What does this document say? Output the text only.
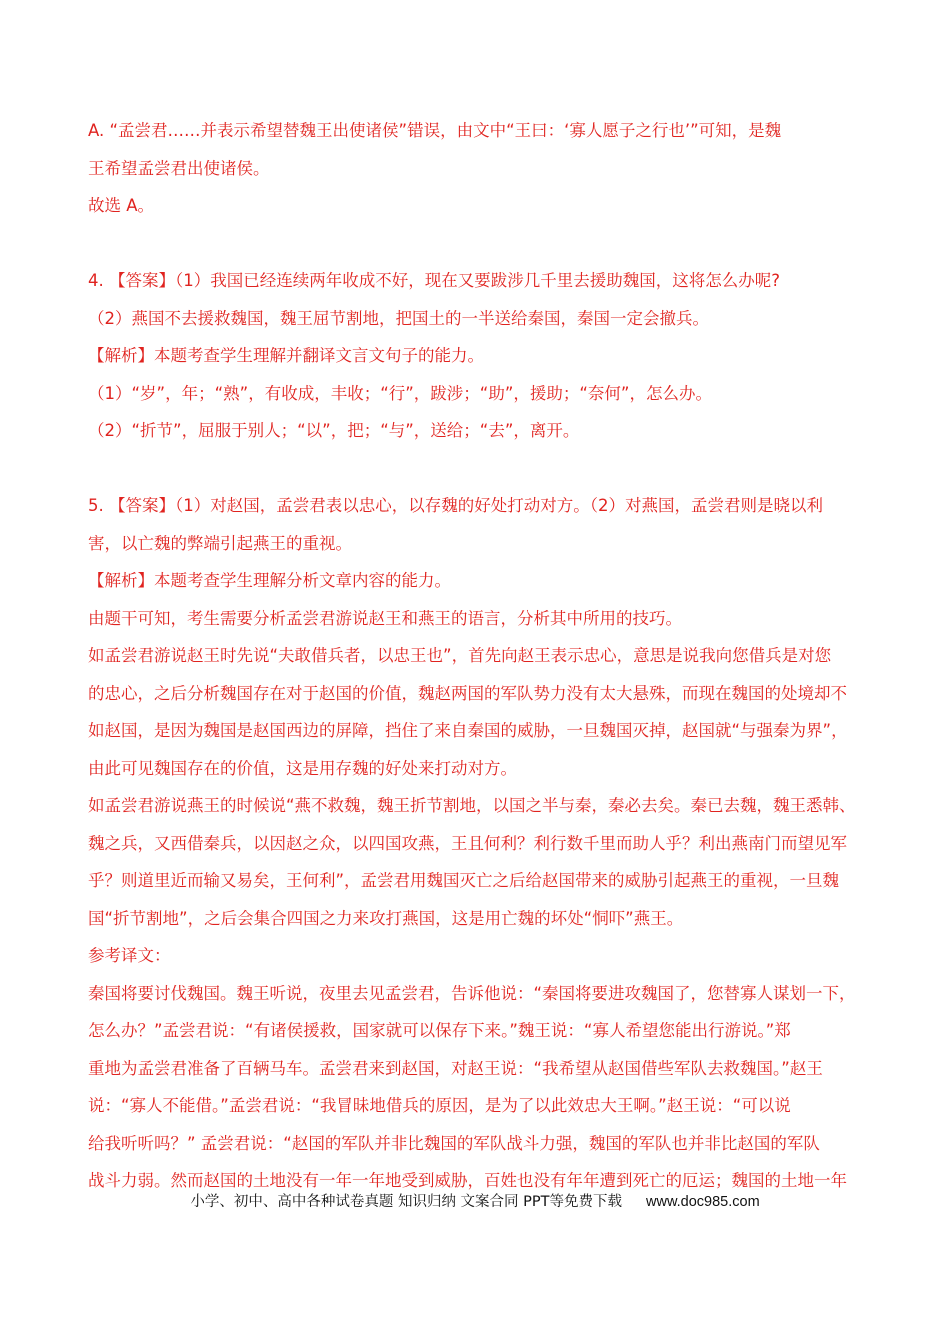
A. “孟尝君……并表示希望替魏王出使诸侯”错误，由文中“王曰：‘寡人愿子之行也’”可知，是魏
王希望孟尝君出使诸侯。
故选 A。
4. 【答案】（1）我国已经连续两年收成不好，现在又要跋涉几千里去援助魏国，这将怎么办呢?
（2）燕国不去援救魏国，魏王屈节割地，把国土的一半送给秦国，秦国一定会撤兵。
【解析】本题考查学生理解并翻译文言文句子的能力。
（1）“岁”，年；“熟”，有收成，丰收；“行”，跋涉；“助”，援助；“奈何”，怎么办。
（2）“折节”，屈服于别人；“以”，把；“与”，送给；“去”，离开。
5. 【答案】（1）对赵国，孟尝君表以忠心，以存魏的好处打动对方。（2）对燕国，孟尝君则是晓以利
害，以亡魏的弊端引起燕王的重视。
【解析】本题考查学生理解分析文章内容的能力。
由题干可知，考生需要分析孟尝君游说赵王和燕王的语言，分析其中所用的技巧。
如孟尝君游说赵王时先说“夫敢借兵者，以忠王也”，首先向赵王表示忠心，意思是说我向您借兵是对您
的忠心，之后分析魏国存在对于赵国的价值，魏赵两国的军队势力没有太大悬殊，而现在魏国的处境却不
如赵国，是因为魏国是赵国西边的屏障，挡住了来自秦国的威胁，一旦魏国灭掉，赵国就“与强秦为界”，
由此可见魏国存在的价值，这是用存魏的好处来打动对方。
如孟尝君游说燕王的时候说“燕不救魏，魏王折节割地，以国之半与秦，秦必去矣。秦已去魏，魏王悉韩、
魏之兵，又西借秦兵，以因赵之众，以四国攻燕，王且何利？利行数千里而助人乎？利出燕南门而望见军
乎？则道里近而输又易矣，王何利”，孟尝君用魏国灭亡之后给赵国带来的威胁引起燕王的重视，一旦魏
国“折节割地”，之后会集合四国之力来攻打燕国，这是用亡魏的坏处“恫吓”燕王。
参考译文：
秦国将要讨伐魏国。魏王听说，夜里去见孟尝君，告诉他说：“秦国将要进攻魏国了，您替寡人谋划一下，
怎么办？”孟尝君说：“有诸侯援救，国家就可以保存下来。”魏王说：“寡人希望您能出行游说。”郑
重地为孟尝君准备了百辆马车。孟尝君来到赵国，对赵王说：“我希望从赵国借些军队去救魏国。”赵王
说：“寡人不能借。”孟尝君说：“我冒昧地借兵的原因，是为了以此效忠大王啊。”赵王说：“可以说
给我听听吗？” 孟尝君说：“赵国的军队并非比魏国的军队战斗力强，魏国的军队也并非比赵国的军队
战斗力弱。然而赵国的土地没有一年一年地受到威胁，百姓也没有年年遭到死亡的厄运；魏国的土地一年
小学、初中、高中各种试卷真题 知识归纳 文案合同 PPT等免费下载 www.doc985.com
